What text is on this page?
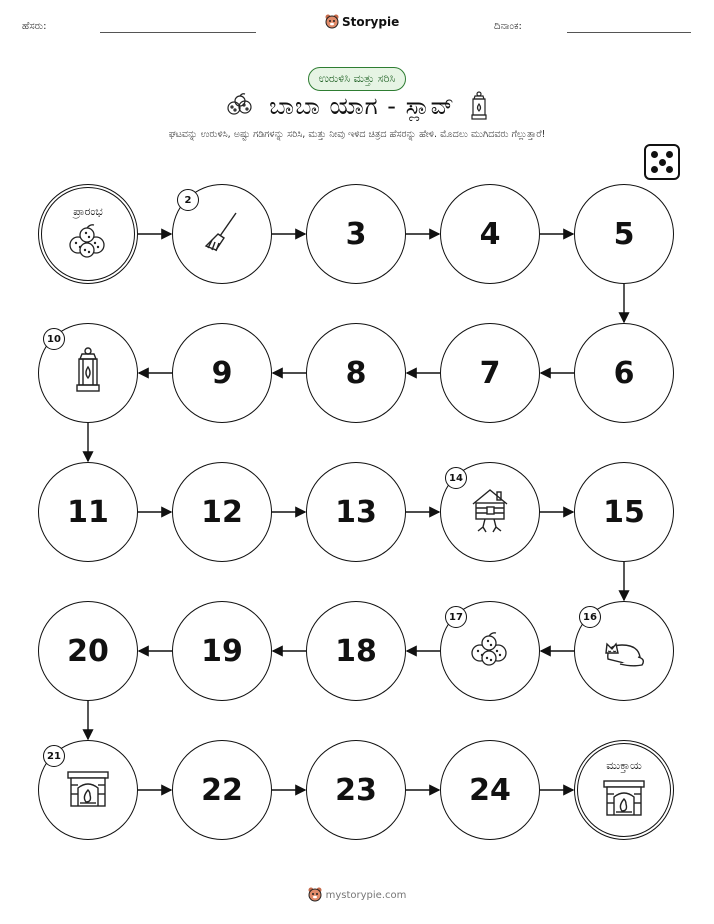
ಹೆಸರು:	Storypie	ದಿನಾಂಕ:
ಉರುಳಿಸಿ ಮತ್ತು ಸರಿಸಿ
ಬಾಬಾ ಯಾಗ - ಸ್ಲಾವ್
ಘಟವನ್ನು ಉರುಳಿಸಿ, ಅಷ್ಟು ಗಡಿಗಳನ್ನು ಸರಿಸಿ, ಮತ್ತು ನೀವು ಇಳಿದ ಚಿತ್ರದ ಹೆಸರನ್ನು ಹೇಳಿ. ಮೊದಲು ಮುಗಿದವರು ಗೆಲ್ಲುತ್ತಾರೆ!
ಪ್ರಾರಂಭ
2
3	4	5
6
7
8
9
10
11	12	13
14
15
16
17
18
19
20
21
22	23	24
ಮುಕ್ತಾಯ
mystorypie.com
